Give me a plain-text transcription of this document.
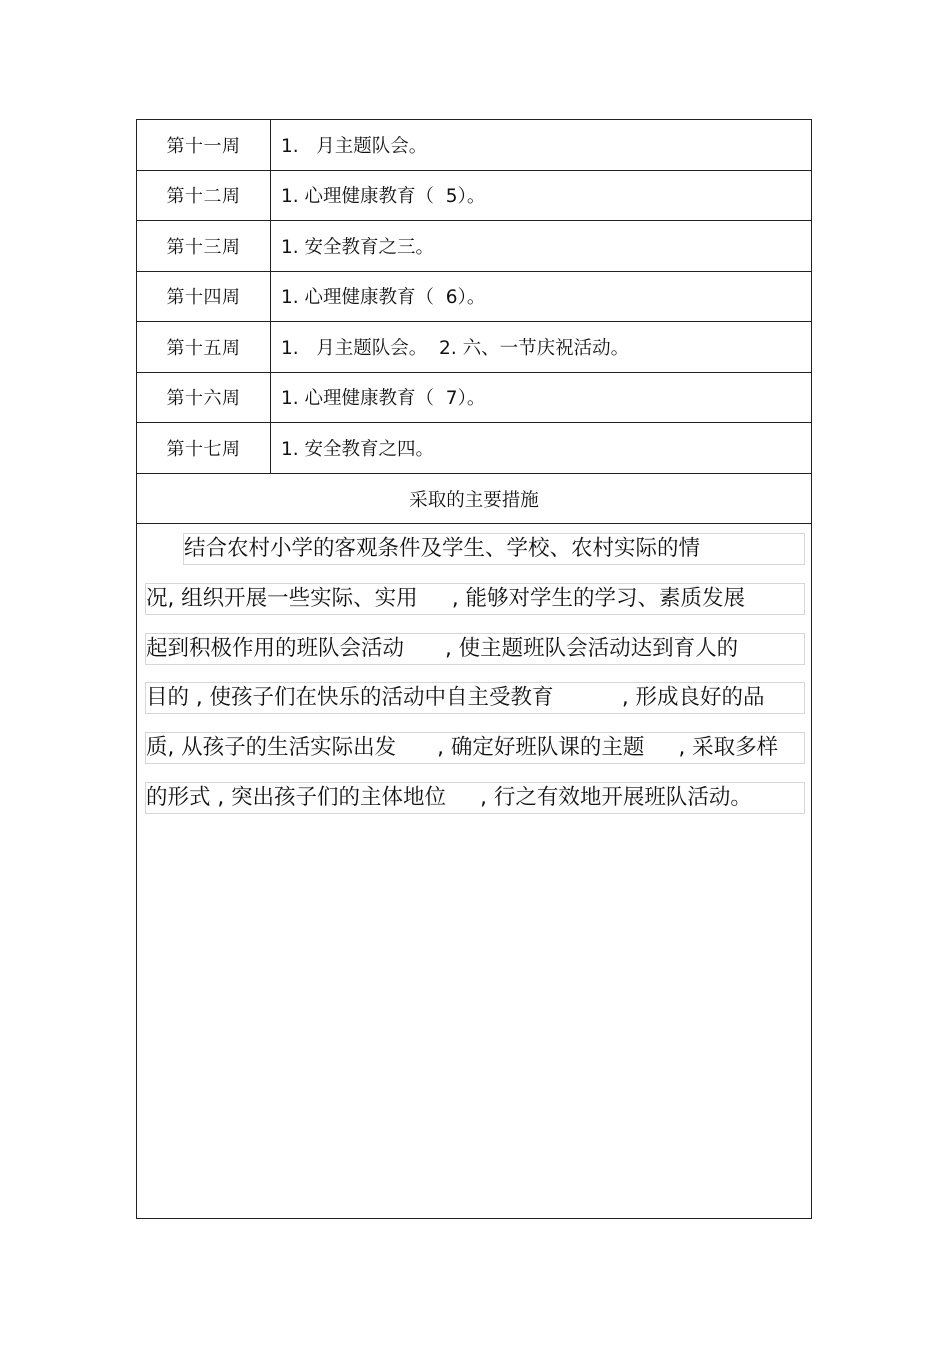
第十一周	1.   月主题队会。
第十二周	1. 心理健康教育（  5）。
第十三周	1. 安全教育之三。
第十四周	1. 心理健康教育（  6）。
第十五周	1.   月主题队会。  2. 六、一节庆祝活动。
第十六周	1. 心理健康教育（  7）。
第十七周	1. 安全教育之四。
采取的主要措施
结合农村小学的客观条件及学生、学校、农村实际的情
况, 组织开展一些实际、实用     , 能够对学生的学习、素质发展
起到积极作用的班队会活动      , 使主题班队会活动达到育人的
目的 , 使孩子们在快乐的活动中自主受教育          , 形成良好的品
质, 从孩子的生活实际出发      , 确定好班队课的主题     , 采取多样
的形式 , 突出孩子们的主体地位     , 行之有效地开展班队活动。
